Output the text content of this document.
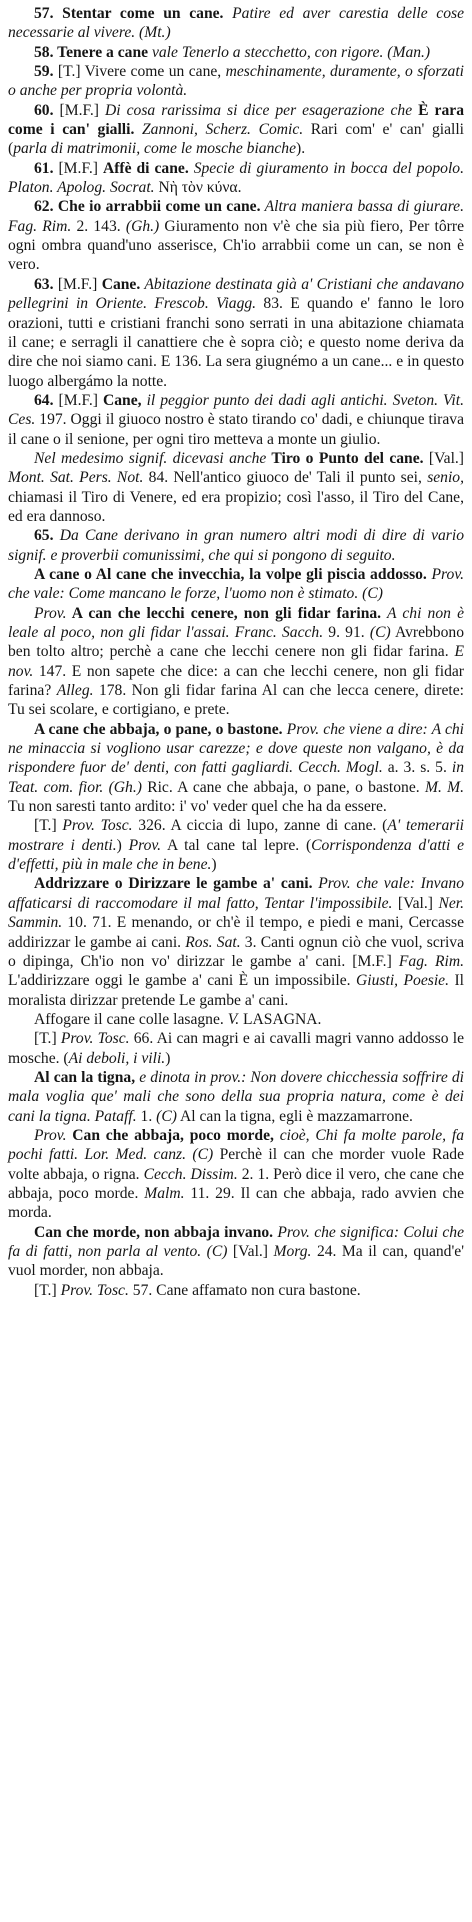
57. Stentar come un cane. Patire ed aver carestia delle cose necessarie al vivere. (Mt.)

58. Tenere a cane vale Tenerlo a stecchetto, con rigore. (Man.)

59. [T.] Vivere come un cane, meschinamente, duramente, o sforzati o anche per propria volontà.

60. [M.F.] Di cosa rarissima si dice per esagerazione che È rara come i can' gialli. Zannoni, Scherz. Comic. Rari com' e' can' gialli (parla di matrimonii, come le mosche bianche).

61. [M.F.] Affè di cane. Specie di giuramento in bocca del popolo. Platon. Apolog. Socrat. Νὴ τὸν κύνα.

62. Che io arrabbii come un cane. Altra maniera bassa di giurare. Fag. Rim. 2. 143. (Gh.) Giuramento non v'è che sia più fiero, Per tôrre ogni ombra quand'uno asserisce, Ch'io arrabbii come un can, se non è vero.

63. [M.F.] Cane. Abitazione destinata già a' Cristiani che andavano pellegrini in Oriente. Frescob. Viagg. 83. E quando e' fanno le loro orazioni, tutti e cristiani franchi sono serrati in una abitazione chiamata il cane; e serragli il canattiere che è sopra ciò; e questo nome deriva da dire che noi siamo cani. E 136. La sera giugnémo a un cane... e in questo luogo albergámo la notte.

64. [M.F.] Cane, il peggior punto dei dadi agli antichi. Sveton. Vit. Ces. 197. Oggi il giuoco nostro è stato tirando co' dadi, e chiunque tirava il cane o il senione, per ogni tiro metteva a monte un giulio.

Nel medesimo signif. dicevasi anche Tiro o Punto del cane. [Val.] Mont. Sat. Pers. Not. 84. Nell'antico giuoco de' Tali il punto sei, senio, chiamasi il Tiro di Venere, ed era propizio; così l'asso, il Tiro del Cane, ed era dannoso.

65. Da Cane derivano in gran numero altri modi di dire di vario signif. e proverbii comunissimi, che qui si pongono di seguito.

A cane o Al cane che invecchia, la volpe gli piscia addosso. Prov. che vale: Come mancano le forze, l'uomo non è stimato. (C)

Prov. A can che lecchi cenere, non gli fidar farina. A chi non è leale al poco, non gli fidar l'assai. Franc. Sacch. 9. 91. (C) Avrebbono ben tolto altro; perchè a cane che lecchi cenere non gli fidar farina. E nov. 147. E non sapete che dice: a can che lecchi cenere, non gli fidar farina? Alleg. 178. Non gli fidar farina Al can che lecca cenere, direte: Tu sei scolare, e cortigiano, e prete.

A cane che abbaja, o pane, o bastone. Prov. che viene a dire: A chi ne minaccia si vogliono usar carezze; e dove queste non valgano, è da rispondere fuor de' denti, con fatti gagliardi. Cecch. Mogl. a. 3. s. 5. in Teat. com. fior. (Gh.) Ric. A cane che abbaja, o pane, o bastone. M. M. Tu non saresti tanto ardito: i' vo' veder quel che ha da essere.

[T.] Prov. Tosc. 326. A ciccia di lupo, zanne di cane. (A' temerarii mostrare i denti.) Prov. A tal cane tal lepre. (Corrispondenza d'atti e d'effetti, più in male che in bene.)

Addrizzare o Dirizzare le gambe a' cani. Prov. che vale: Invano affaticarsi di raccomodare il mal fatto, Tentar l'impossibile. [Val.] Ner. Sammin. 10. 71. E menando, or ch'è il tempo, e piedi e mani, Cercasse addirizzar le gambe ai cani. Ros. Sat. 3. Canti ognun ciò che vuol, scriva o dipinga, Ch'io non vo' dirizzar le gambe a' cani. [M.F.] Fag. Rim. L'addirizzare oggi le gambe a' cani È un impossibile. Giusti, Poesie. Il moralista dirizzar pretende Le gambe a' cani.

Affogare il cane colle lasagne. V. LASAGNA.

[T.] Prov. Tosc. 66. Ai can magri e ai cavalli magri vanno addosso le mosche. (Ai deboli, i vili.)

Al can la tigna, e dinota in prov.: Non dovere chicchessia soffrire di mala voglia que' mali che sono della sua propria natura, come è dei cani la tigna. Pataff. 1. (C) Al can la tigna, egli è mazzamarrone.

Prov. Can che abbaja, poco morde, cioè, Chi fa molte parole, fa pochi fatti. Lor. Med. canz. (C) Perchè il can che morder vuole Rade volte abbaja, o rigna. Cecch. Dissim. 2. 1. Però dice il vero, che cane che abbaja, poco morde. Malm. 11. 29. Il can che abbaja, rado avvien che morda.

Can che morde, non abbaja invano. Prov. che significa: Colui che fa di fatti, non parla al vento. (C) [Val.] Morg. 24. Ma il can, quand'e' vuol morder, non abbaja.

[T.] Prov. Tosc. 57. Cane affamato non cura bastone.
